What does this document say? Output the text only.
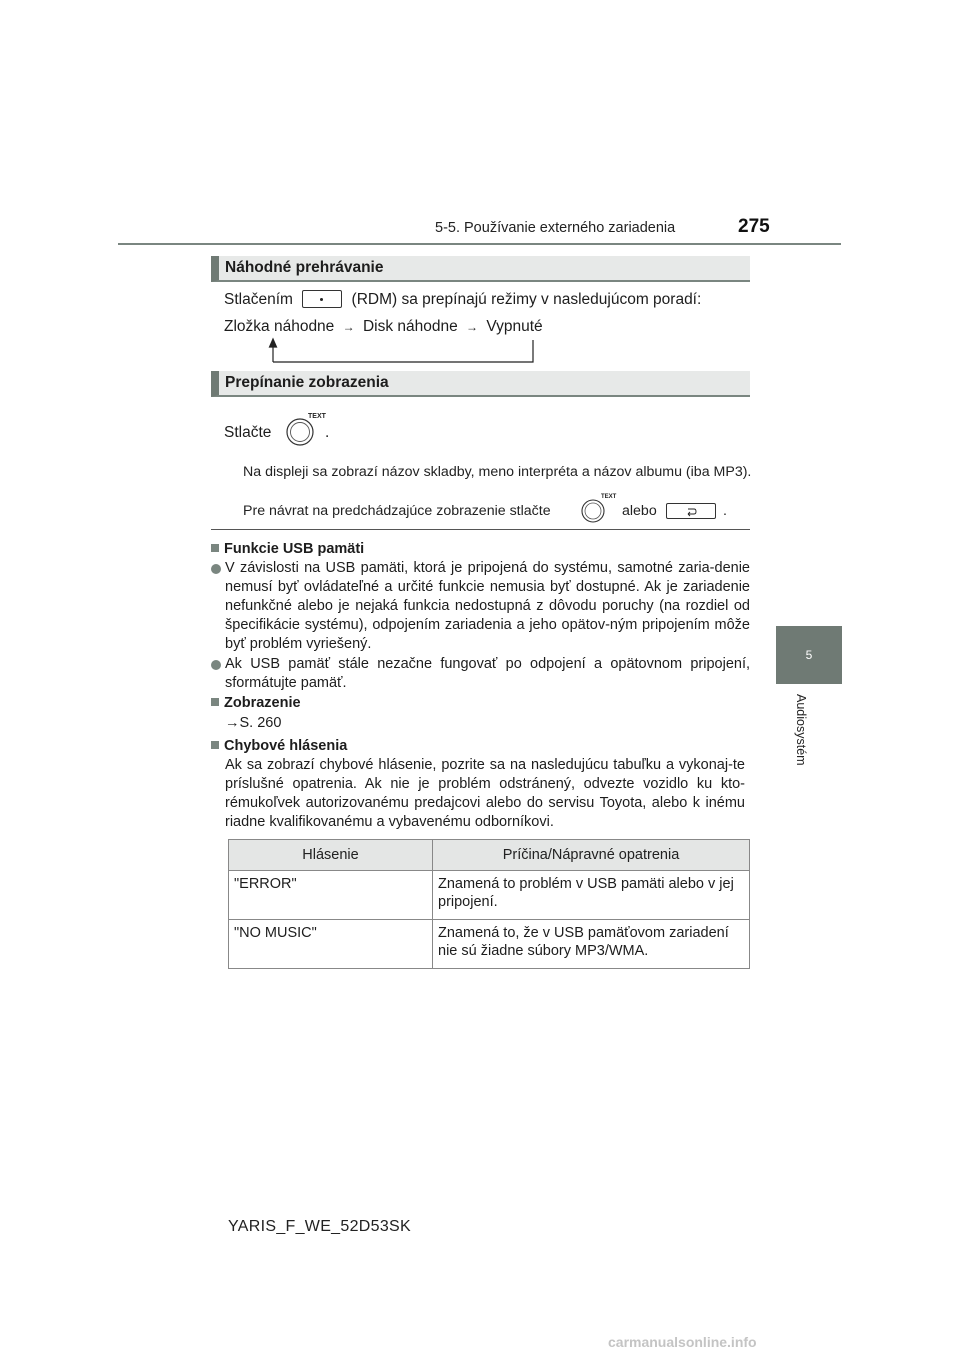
5-5. Používanie externého zariadenia	275
5
Audiosystém
Náhodné prehrávanie
Stlačením	(RDM) sa prepínajú režimy v nasledujúcom poradí:
Zložka náhodne → Disk náhodne → Vypnuté
Prepínanie zobrazenia
Stlačte
TEXT
.
Na displeji sa zobrazí názov skladby, meno interpréta a názov albumu (iba MP3).
Pre návrat na predchádzajúce zobrazenie stlačte
TEXT
alebo	.
Funkcie USB pamäti
V závislosti na USB pamäti, ktorá je pripojená do systému, samotné zaria-denie nemusí byť ovládateľné a určité funkcie nemusia byť dostupné. Ak je zariadenie nefunkčné alebo je nejaká funkcia nedostupná z dôvodu poruchy (na rozdiel od špecifikácie systému), odpojením zariadenia a jeho opätov-ným pripojením môže byť problém vyriešený.
Ak USB pamäť stále nezačne fungovať po odpojení a opätovnom pripojení, sformátujte pamäť.
Zobrazenie
→S. 260
Chybové hlásenia
Ak sa zobrazí chybové hlásenie, pozrite sa na nasledujúcu tabuľku a vykonaj-te príslušné opatrenia. Ak nie je problém odstránený, odvezte vozidlo ku kto-rémukoľvek autorizovanému predajcovi alebo do servisu Toyota, alebo k inému riadne kvalifikovanému a vybavenému odborníkovi.
Hlásenie	Príčina/Nápravné opatrenia
"ERROR"	Znamená to problém v USB pamäti alebo v jej pripojení.
"NO MUSIC"	Znamená to, že v USB pamäťovom zariadení nie sú žiadne súbory MP3/WMA.
YARIS_F_WE_52D53SK
carmanualsonline.info
